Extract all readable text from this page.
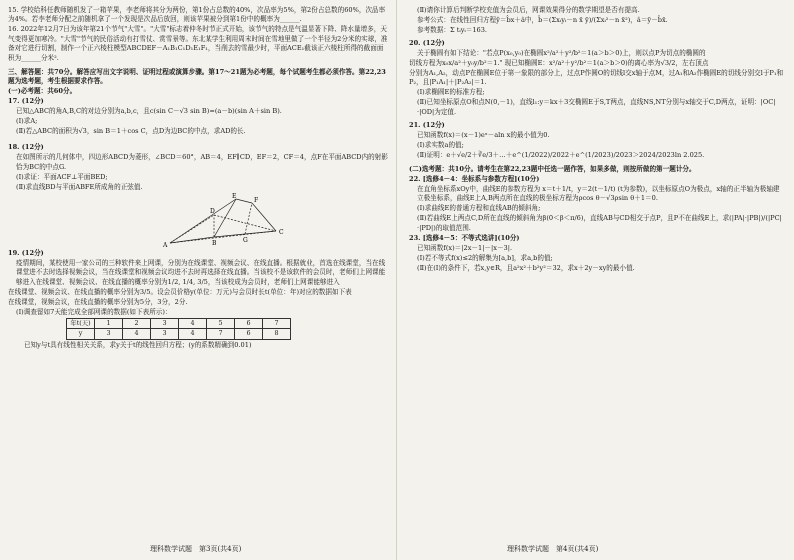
15. 学校给科任教师随机发了一箱苹果，李老师将其分为两份，第1份占总数的40%，次品率为5%，第2份占总数的60%，次品率为4%。若李老师分配之前随机拿了一个发现是次品后放回，则该苹果被分到第1份中的概率为______.

16. 2022年12月7日为该年第21个节气"大雪"。"大雪"标志着仲冬时节正式开始，该节气的特点是气温显著下降、降水量增多，天气变得更加寒冷。"大雪"节气的民俗活动有打雪仗、赏雪景等。东北某学生利用周末时间在雪地里做了一个半径为2分米的实球，准备对它进行切割，制作一个正六棱柱模型ABCDEF－A₁B₁C₁D₁E₁F₁，当削去的雪最少时，平面ACE₁截该正六棱柱所得的截面面积为______分米².

三、解答题：共70分。解答应写出文字说明、证明过程或演算步骤。第17～21题为必考题，每个试题考生都必须作答。第22,23题为选考题，考生根据要求作答。

(一)必考题：共60分。

17. (12分)

已知△ABC的角A,B,C的对边分别为a,b,c，且c(sin C－√3 sin B)=(a－b)(sin A＋sin B).

(Ⅰ)求A;

(Ⅱ)若△ABC的面积为√3，sin B＝1＋cos C，点D为边BC的中点，求AD的长.

18. (12分)

在如图所示的几何体中，四边形ABCD为菱形，∠BCD＝60°，AB＝4，EF∥CD，EF＝2，CF＝4，点F在平面ABCD内的射影恰为BC的中点G.

(Ⅰ)求证：平面ACF⊥平面BED;

(Ⅱ)求直线BD与平面ABFE所成角的正弦值.

A
D
B
C
E
F
G

19. (12分)

疫情期间，某校使用一家公司的三种软件来上网课，分别为在线课堂、视频会议、在线直播。根据就业，首选在线课堂，当在线课堂进不去时选择视频会议，当在线课堂和视频会议均进不去时再选择在线直播。当该校不是该软件的会员时，老师们上网课能够进入在线课堂、视频会议、在线直播的概率分别为1/2, 1/4, 3/5，当该校成为会员时，老师们上网课能够进入

在线课堂、视频会议、在线直播的概率分别为3/5。设会员价格y(单位：万元)与会员时长t(单位：年)对应的数据如下表

在线课堂，视频会议，在线直播的概率分别为5分，3分，2分.

(Ⅰ)调查留如7天能完成全部网课的数据(如下表所示)：

年t(天)	1	2	3	4	5	6	7
y	3	4	3	4	7	6	8

已知y与t具有线性相关关系，求y关于t的线性回归方程；(y的系数精确到0.01)

理科数学试题　第3页(共4页)

(Ⅱ)请你计算后判断学校充值为会员后，网课效果得分的数学期望是否有提高.

参考公式：在线性回归方程ŷ＝b̂x＋â中，b̂＝(Σxᵢyᵢ－n x̄ ȳ)/(Σxᵢ²－n x̄²)，â＝ȳ－b̂x̄.

参考数据：Σ tᵢyᵢ＝163.

20. (12分)

关于椭圆有如下结论："若点P(x₀,y₀)在椭圆x²/a²＋y²/b²＝1(a＞b＞0)上，则以点P为切点的椭圆的

切线方程为x₀x/a²＋y₀y/b²＝1." 现已知椭圆E：x²/a²＋y²/b²＝1(a＞b＞0)的离心率为√3/2，左右顶点

分别为A₁,A₂，动点P在椭圆E位于第一象限的部分上，过点P作圆O的切线l交x轴于点M，过A₁和A₂作椭圆E的切线分别交l于P₁和P₂，且|P₁A₁|＋|P₂A₂|＝1.

(Ⅰ)求椭圆E的标准方程;

(Ⅱ)已知坐标原点O和点N(0,－1)，直线l₁:y＝kx＋3交椭圆E于S,T两点，直线NS,NT分别与x轴交于C,D两点，证明：|OC|·|OD|为定值.

21. (12分)

已知函数f(x)＝(x－1)eˣ－aln x的最小值为0.

(Ⅰ)求实数a的值;

(Ⅱ)证明：e＋√e/2＋∛e/3＋…＋e^(1/2022)/2022＋e^(1/2023)/2023＞2024/2023ln 2.025.

(二)选考题：共10分。请考生在第22,23题中任选一题作答，如果多做，则按所做的第一题计分。

22. [选修4－4：坐标系与参数方程](10分)

在直角坐标系xOy中，曲线E的参数方程为 x＝t＋1/t，y＝2(t－1/t) (t为参数)，以坐标原点O为极点，x轴的正半轴为极轴建立极坐标系，曲线E上A,B两点所在直线的极坐标方程为ρcos θ－√3ρsin θ＋1＝0.

(Ⅰ)求曲线E的普通方程和直线AB的倾斜角;

(Ⅱ)若曲线E上两点C,D所在直线的倾斜角为β(0＜β＜π/6)，直线AB与CD相交于点P，且P不在曲线E上，求(|PA|·|PB|)/(|PC|·|PD|)的取值范围.

23. [选修4－5：不等式选讲](10分)

已知函数f(x)＝|2x－1|－|x－3|.

(Ⅰ)若不等式f(x)≤2的解集为[a,b]，求a,b的值;

(Ⅱ)在(Ⅰ)的条件下，若x,y∈R，且a²x²＋b²y²＝32，求x＋2y－xy的最小值.

理科数学试题　第4页(共4页)
